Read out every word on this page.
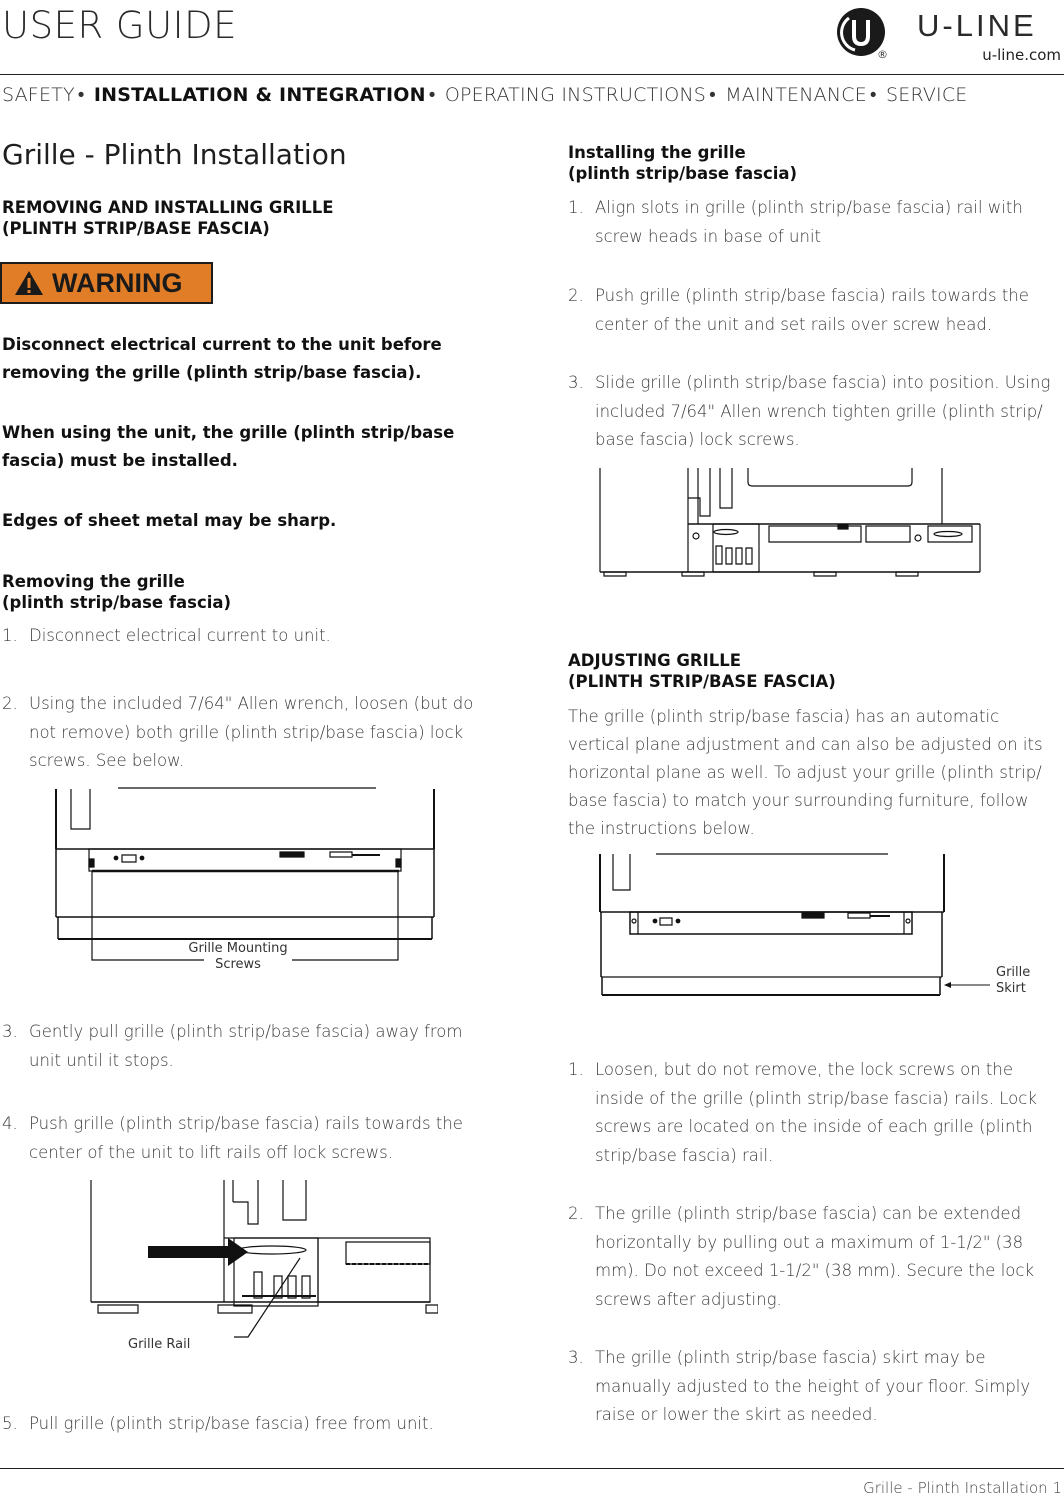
USER GUIDE
®
U-LINE
u-line.com
SAFETY • INSTALLATION & INTEGRATION • OPERATING INSTRUCTIONS • MAINTENANCE • SERVICE
Grille - Plinth Installation
REMOVING AND INSTALLING GRILLE
(PLINTH STRIP/BASE FASCIA)
WARNING
Disconnect electrical current to the unit before removing the grille (plinth strip/base fascia).
When using the unit, the grille (plinth strip/base fascia) must be installed.
Edges of sheet metal may be sharp.
Removing the grille
(plinth strip/base fascia)
1. Disconnect electrical current to unit.
2. Using the included 7/64" Allen wrench, loosen (but do not remove) both grille (plinth strip/base fascia) lock screws. See below.
Grille Mounting
Screws
3. Gently pull grille (plinth strip/base fascia) away from unit until it stops.
4. Push grille (plinth strip/base fascia) rails towards the center of the unit to lift rails off lock screws.
Grille Rail
5. Pull grille (plinth strip/base fascia) free from unit.
Installing the grille
(plinth strip/base fascia)
1. Align slots in grille (plinth strip/base fascia) rail with screw heads in base of unit
2. Push grille (plinth strip/base fascia) rails towards the center of the unit and set rails over screw head.
3. Slide grille (plinth strip/base fascia) into position. Using included 7/64" Allen wrench tighten grille (plinth strip/ base fascia) lock screws.
ADJUSTING GRILLE
(PLINTH STRIP/BASE FASCIA)
The grille (plinth strip/base fascia) has an automatic vertical plane adjustment and can also be adjusted on its horizontal plane as well. To adjust your grille (plinth strip/ base fascia) to match your surrounding furniture, follow the instructions below.
Grille
Skirt
1. Loosen, but do not remove, the lock screws on the inside of the grille (plinth strip/base fascia) rails. Lock screws are located on the inside of each grille (plinth strip/base fascia) rail.
2. The grille (plinth strip/base fascia) can be extended horizontally by pulling out a maximum of 1-1/2" (38 mm). Do not exceed 1-1/2" (38 mm). Secure the lock screws after adjusting.
3. The grille (plinth strip/base fascia) skirt may be manually adjusted to the height of your floor. Simply raise or lower the skirt as needed.
Grille - Plinth Installation 1
